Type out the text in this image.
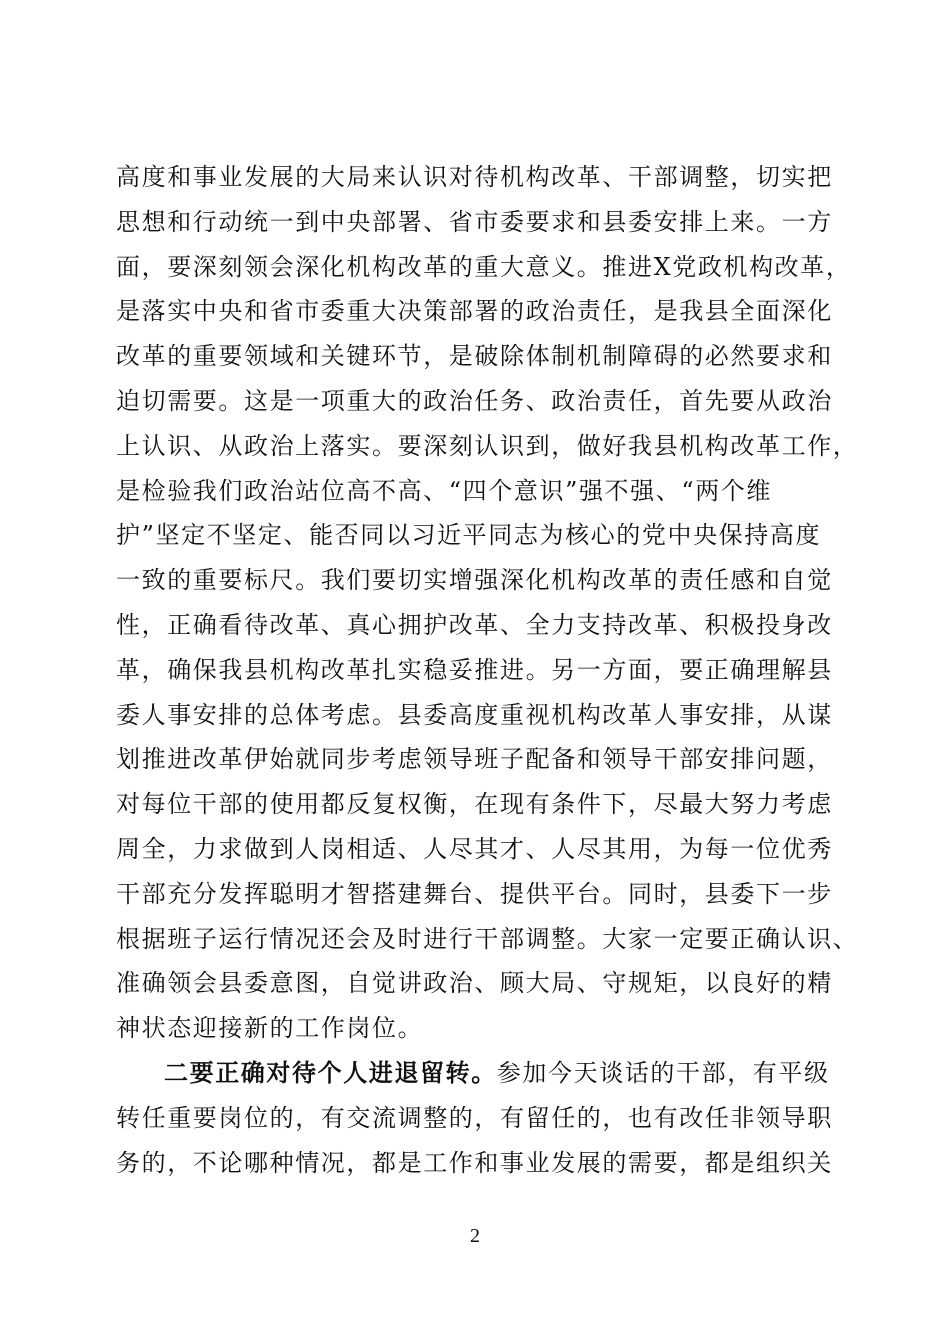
高度和事业发展的大局来认识对待机构改革、干部调整，切实把
思想和行动统一到中央部署、省市委要求和县委安排上来。一方
面，要深刻领会深化机构改革的重大意义。推进X党政机构改革，
是落实中央和省市委重大决策部署的政治责任，是我县全面深化
改革的重要领域和关键环节，是破除体制机制障碍的必然要求和
迫切需要。这是一项重大的政治任务、政治责任，首先要从政治
上认识、从政治上落实。要深刻认识到，做好我县机构改革工作，
是检验我们政治站位高不高、“四个意识”强不强、“两个维
护”坚定不坚定、能否同以习近平同志为核心的党中央保持高度
一致的重要标尺。我们要切实增强深化机构改革的责任感和自觉
性，正确看待改革、真心拥护改革、全力支持改革、积极投身改
革，确保我县机构改革扎实稳妥推进。另一方面，要正确理解县
委人事安排的总体考虑。县委高度重视机构改革人事安排，从谋
划推进改革伊始就同步考虑领导班子配备和领导干部安排问题，
对每位干部的使用都反复权衡，在现有条件下，尽最大努力考虑
周全，力求做到人岗相适、人尽其才、人尽其用，为每一位优秀
干部充分发挥聪明才智搭建舞台、提供平台。同时，县委下一步
根据班子运行情况还会及时进行干部调整。大家一定要正确认识、
准确领会县委意图，自觉讲政治、顾大局、守规矩，以良好的精
神状态迎接新的工作岗位。
二要正确对待个人进退留转。参加今天谈话的干部，有平级
转任重要岗位的，有交流调整的，有留任的，也有改任非领导职
务的，不论哪种情况，都是工作和事业发展的需要，都是组织关
2
